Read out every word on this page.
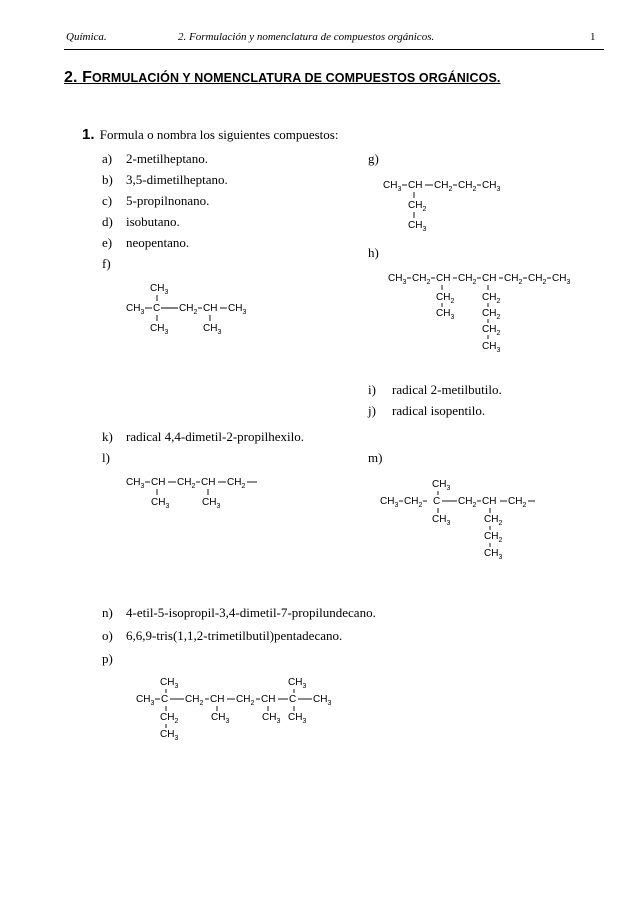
Química.	2. Formulación y nomenclatura de compuestos orgánicos.	1
2. FORMULACIÓN Y NOMENCLATURA DE COMPUESTOS ORGÁNICOS.
1. Formula o nombra los siguientes compuestos:
a) 2-metilheptano.
b) 3,5-dimetilheptano.
c) 5-propilnonano.
d) isobutano.
e) neopentano.
f)
g)
h)
i) radical 2-metilbutilo.
j) radical isopentilo.
k) radical 4,4-dimetil-2-propilhexilo.
l)	m)
n) 4-etil-5-isopropil-3,4-dimetil-7-propilundecano.
o) 6,6,9-tris(1,1,2-trimetilbutil)pentadecano.
p)
$CH_3$
$CH_3$ C $CH_2$ CH $CH_3$
$CH_3$	$CH_3$
$CH_3$ CH $CH_2$ $CH_2$ $CH_3$
$CH_2$
$CH_3$
$CH_3$ $CH_2$ CH $CH_2$ CH $CH_2$ $CH_2$ $CH_3$
$CH_2$
$CH_3$
$CH_2$
$CH_2$
$CH_2$
$CH_3$
$CH_3$ CH $CH_2$ CH $CH_2$
$CH_3$	$CH_3$
$CH_3$
$CH_3$ $CH_2$ C $CH_2$ CH $CH_2$
$CH_3$	$CH_2$
$CH_2$
$CH_3$
$CH_3$	$CH_3$
$CH_3$ C $CH_2$ CH $CH_2$ CH C $CH_3$
$CH_2$
$CH_3$
$CH_3$	$CH_3$ $CH_3$
